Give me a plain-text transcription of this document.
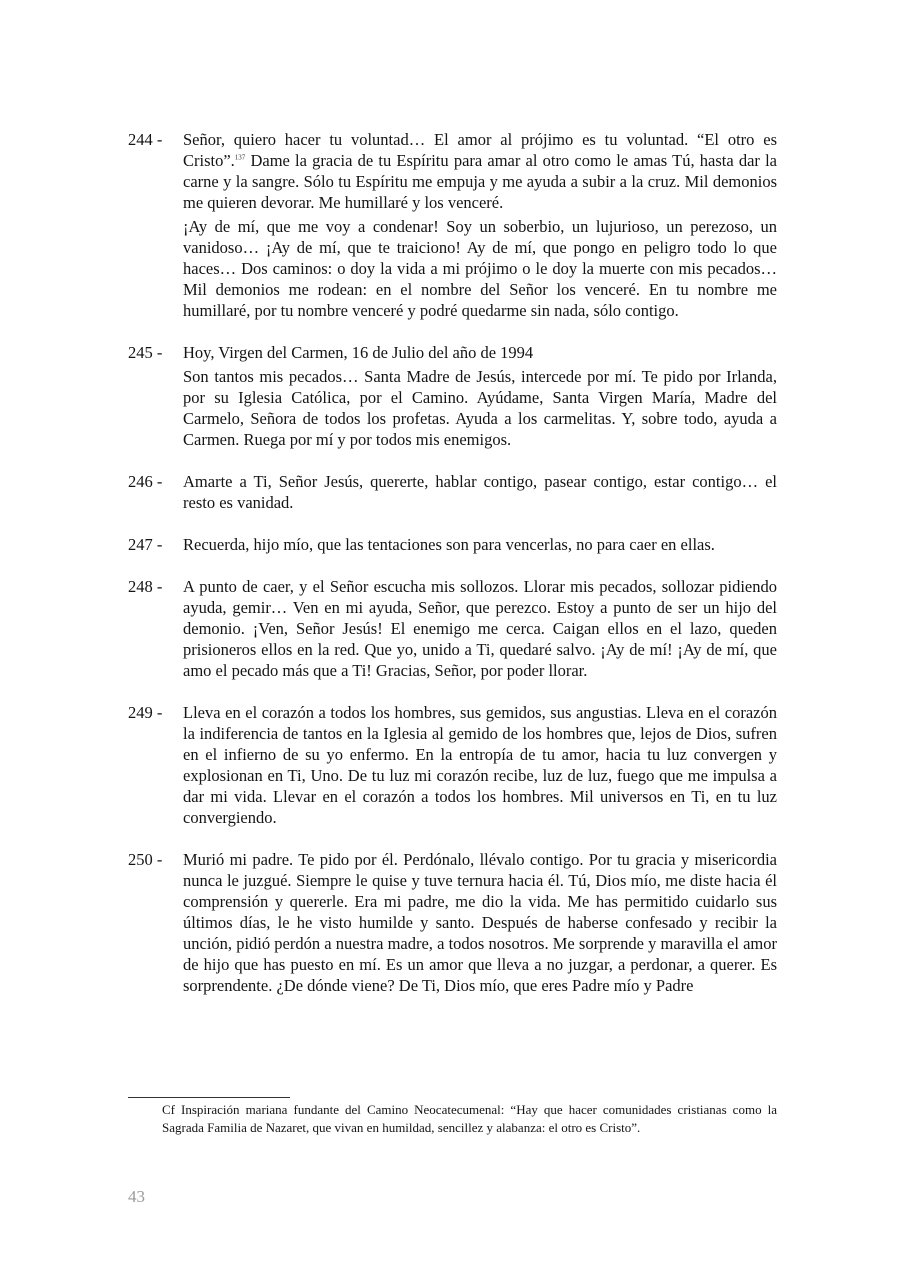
244 -	Señor, quiero hacer tu voluntad… El amor al prójimo es tu voluntad. “El otro es Cristo”.$^{137}$ Dame la gracia de tu Espíritu para amar al otro como le amas Tú, hasta dar la carne y la sangre. Sólo tu Espíritu me empuja y me ayuda a subir a la cruz. Mil demonios me quieren devorar. Me humillaré y los venceré.

¡Ay de mí, que me voy a condenar! Soy un soberbio, un lujurioso, un perezoso, un vanidoso… ¡Ay de mí, que te traiciono! Ay de mí, que pongo en peligro todo lo que haces… Dos caminos: o doy la vida a mi prójimo o le doy la muerte con mis pecados… Mil demonios me rodean: en el nombre del Señor los venceré. En tu nombre me humillaré, por tu nombre venceré y podré quedarme sin nada, sólo contigo.

245 -	Hoy, Virgen del Carmen, 16 de Julio del año de 1994

Son tantos mis pecados… Santa Madre de Jesús, intercede por mí. Te pido por Irlanda, por su Iglesia Católica, por el Camino. Ayúdame, Santa Virgen María, Madre del Carmelo, Señora de todos los profetas. Ayuda a los carmelitas. Y, sobre todo, ayuda a Carmen. Ruega por mí y por todos mis enemigos.

246 -	Amarte a Ti, Señor Jesús, quererte, hablar contigo, pasear contigo, estar contigo… el resto es vanidad.

247 -	Recuerda, hijo mío, que las tentaciones son para vencerlas, no para caer en ellas.

248 -	A punto de caer, y el Señor escucha mis sollozos. Llorar mis pecados, sollozar pidiendo ayuda, gemir… Ven en mi ayuda, Señor, que perezco. Estoy a punto de ser un hijo del demonio. ¡Ven, Señor Jesús! El enemigo me cerca. Caigan ellos en el lazo, queden prisioneros ellos en la red. Que yo, unido a Ti, quedaré salvo. ¡Ay de mí! ¡Ay de mí, que amo el pecado más que a Ti! Gracias, Señor, por poder llorar.

249 -	Lleva en el corazón a todos los hombres, sus gemidos, sus angustias. Lleva en el corazón la indiferencia de tantos en la Iglesia al gemido de los hombres que, lejos de Dios, sufren en el infierno de su yo enfermo. En la entropía de tu amor, hacia tu luz convergen y explosionan en Ti, Uno. De tu luz mi corazón recibe, luz de luz, fuego que me impulsa a dar mi vida. Llevar en el corazón a todos los hombres. Mil universos en Ti, en tu luz convergiendo.

250 -	Murió mi padre. Te pido por él. Perdónalo, llévalo contigo. Por tu gracia y misericordia nunca le juzgué. Siempre le quise y tuve ternura hacia él. Tú, Dios mío, me diste hacia él comprensión y quererle. Era mi padre, me dio la vida. Me has permitido cuidarlo sus últimos días, le he visto humilde y santo. Después de haberse confesado y recibir la unción, pidió perdón a nuestra madre, a todos nosotros. Me sorprende y maravilla el amor de hijo que has puesto en mí. Es un amor que lleva a no juzgar, a perdonar, a querer. Es sorprendente. ¿De dónde viene? De Ti, Dios mío, que eres Padre mío y Padre

Cf Inspiración mariana fundante del Camino Neocatecumenal: “Hay que hacer comunidades cristianas como la Sagrada Familia de Nazaret, que vivan en humildad, sencillez y alabanza: el otro es Cristo”.

43
